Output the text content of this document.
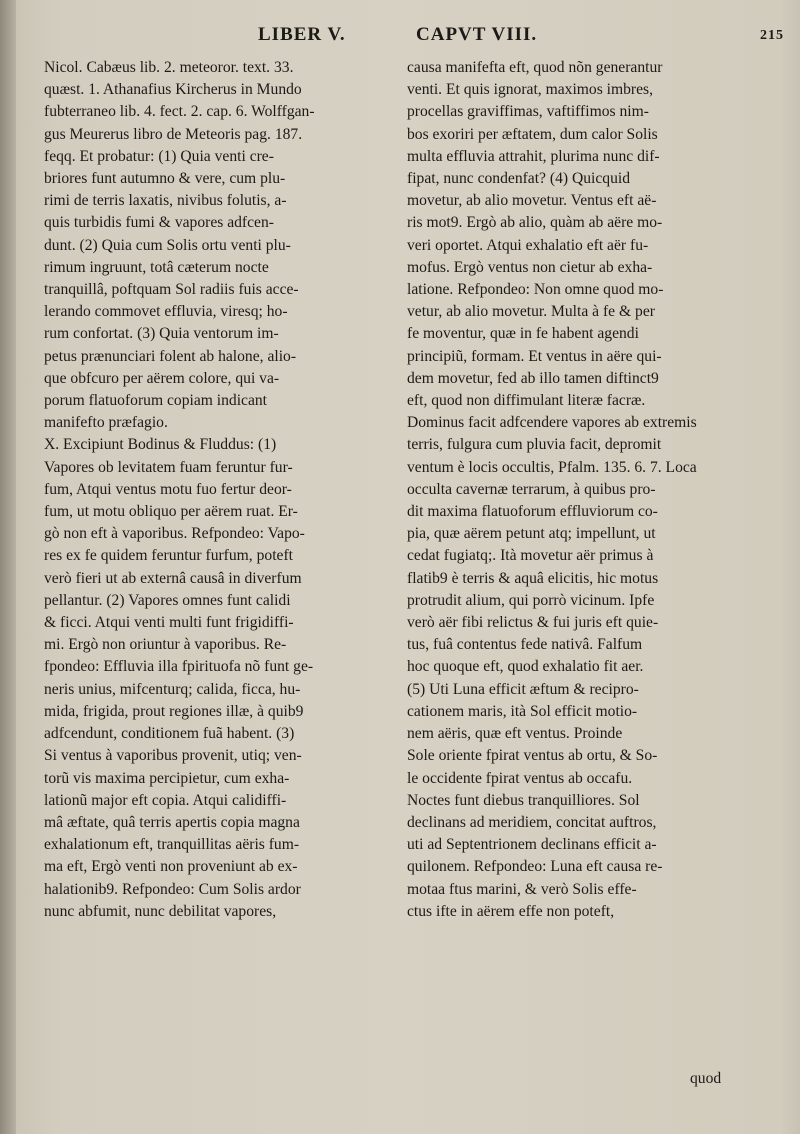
LIBER V.	CAPVT VIII.	215
Nicol. Cabæus lib. 2. meteoror. text. 33.
quæst. 1. Athanafius Kircherus in Mundo
fubterraneo lib. 4. fect. 2. cap. 6. Wolffgan-
gus Meurerus libro de Meteoris pag. 187.
feqq. Et probatur: (1) Quia venti cre-
briores funt autumno & vere, cum plu-
rimi de terris laxatis, nivibus folutis, a-
quis turbidis fumi & vapores adfcen-
dunt. (2) Quia cum Solis ortu venti plu-
rimum ingruunt, totâ cæterum nocte
tranquillâ, poftquam Sol radiis fuis acce-
lerando commovet effluvia, viresq; ho-
rum confortat. (3) Quia ventorum im-
petus prænunciari folent ab halone, alio-
que obfcuro per aërem colore, qui va-
porum flatuoforum copiam indicant
manifefto præfagio.
X. Excipiunt Bodinus & Fluddus: (1)
Vapores ob levitatem fuam feruntur fur-
fum, Atqui ventus motu fuo fertur deor-
fum, ut motu obliquo per aërem ruat. Er-
gò non eft à vaporibus. Refpondeo: Vapo-
res ex fe quidem feruntur furfum, poteft
verò fieri ut ab externâ causâ in diverfum
pellantur. (2) Vapores omnes funt calidi
& ficci. Atqui venti multi funt frigidiffi-
mi. Ergò non oriuntur à vaporibus. Re-
fpondeo: Effluvia illa fpirituofa nõ funt ge-
neris unius, mifcenturq; calida, ficca, hu-
mida, frigida, prout regiones illæ, à quib9
adfcendunt, conditionem fuã habent. (3)
Si ventus à vaporibus provenit, utiq; ven-
torũ vis maxima percipietur, cum exha-
lationũ major eft copia. Atqui calidiffi-
mâ æftate, quâ terris apertis copia magna
exhalationum eft, tranquillitas aëris fum-
ma eft, Ergò venti non proveniunt ab ex-
halationib9. Refpondeo: Cum Solis ardor
nunc abfumit, nunc debilitat vapores,
causa manifefta eft, quod nõn generantur
venti. Et quis ignorat, maximos imbres,
procellas graviffimas, vaftiffimos nim-
bos exoriri per æftatem, dum calor Solis
multa effluvia attrahit, plurima nunc dif-
fipat, nunc condenfat? (4) Quicquid
movetur, ab alio movetur. Ventus eft aë-
ris mot9. Ergò ab alio, quàm ab aëre mo-
veri oportet. Atqui exhalatio eft aër fu-
mofus. Ergò ventus non cietur ab exha-
latione. Refpondeo: Non omne quod mo-
vetur, ab alio movetur. Multa à fe & per
fe moventur, quæ in fe habent agendi
principiũ, formam. Et ventus in aëre qui-
dem movetur, fed ab illo tamen diftinct9
eft, quod non diffimulant literæ facræ.
Dominus facit adfcendere vapores ab extremis
terris, fulgura cum pluvia facit, depromit
ventum è locis occultis, Pfalm. 135. 6. 7. Loca
occulta cavernæ terrarum, à quibus pro-
dit maxima flatuoforum effluviorum co-
pia, quæ aërem petunt atq; impellunt, ut
cedat fugiatq;. Ità movetur aër primus à
flatib9 è terris & aquâ elicitis, hic motus
protrudit alium, qui porrò vicinum. Ipfe
verò aër fibi relictus & fui juris eft quie-
tus, fuâ contentus fede nativâ. Falfum
hoc quoque eft, quod exhalatio fit aer.
(5) Uti Luna efficit æftum & recipro-
cationem maris, ità Sol efficit motio-
nem aëris, quæ eft ventus. Proinde
Sole oriente fpirat ventus ab ortu, & So-
le occidente fpirat ventus ab occafu.
Noctes funt diebus tranquilliores. Sol
declinans ad meridiem, concitat auftros,
uti ad Septentrionem declinans efficit a-
quilonem. Refpondeo: Luna eft causa re-
motaa ftus marini, & verò Solis effe-
ctus ifte in aërem effe non poteft,
quod
